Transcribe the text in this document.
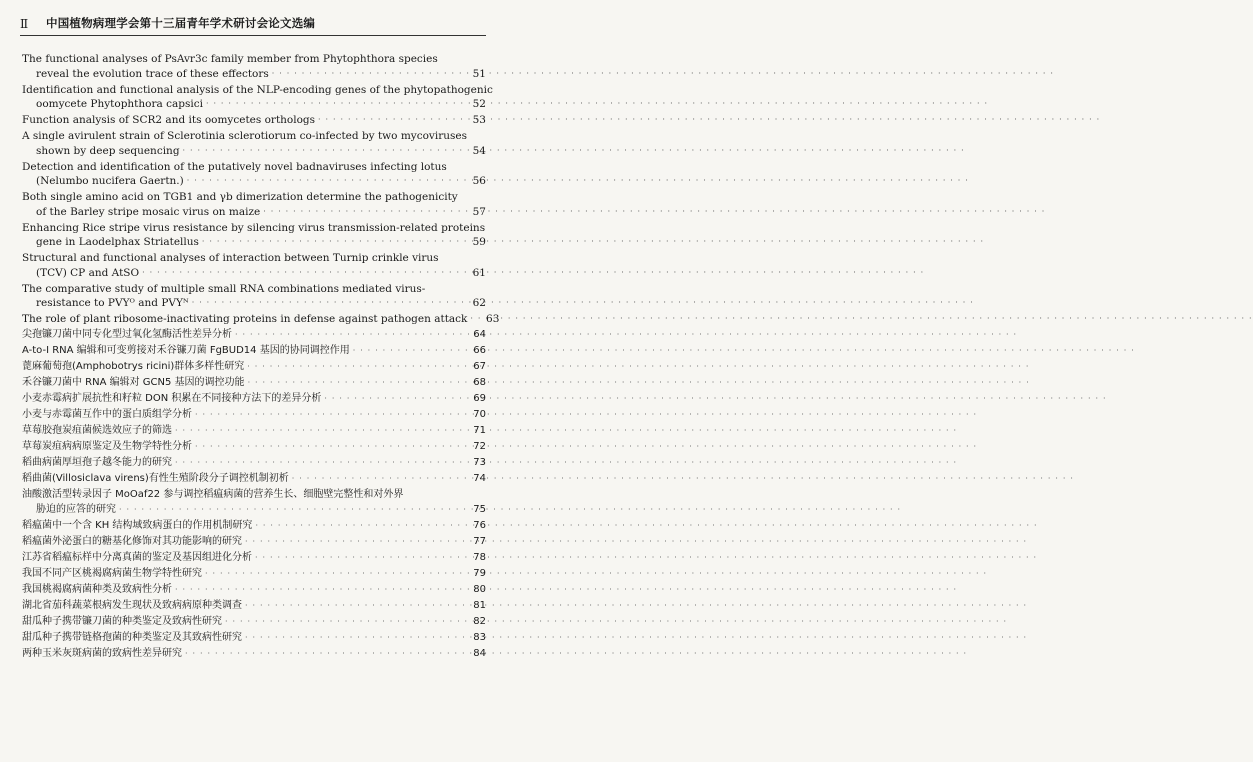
Ⅱ	中国植物病理学会第十三届青年学术研讨会论文选编
The functional analyses of PsAvr3c family member from Phytophthora species
reveal the evolution trace of these effectors · · ·	51
Identification and functional analysis of the NLP-encoding genes of the phytopathogenic
oomycete Phytophthora capsici · · ·	52
Function analysis of SCR2 and its oomycetes orthologs · · ·	53
A single avirulent strain of Sclerotinia sclerotiorum co-infected by two mycoviruses
shown by deep sequencing · · ·	54
Detection and identification of the putatively novel badnaviruses infecting lotus
(Nelumbo nucifera Gaertn.) · · ·	56
Both single amino acid on TGB1 and γb dimerization determine the pathogenicity
of the Barley stripe mosaic virus on maize · · ·	57
Enhancing Rice stripe virus resistance by silencing virus transmission-related proteins
gene in Laodelphax Striatellus · · ·	59
Structural and functional analyses of interaction between Turnip crinkle virus
(TCV) CP and AtSO · · ·	61
The comparative study of multiple small RNA combinations mediated virus-
resistance to PVYᴼ and PVYᴺ · · ·	62
The role of plant ribosome-inactivating proteins in defense against pathogen attack · · · 63
尖孢镰刀菌中同专化型过氧化氢酶活性差异分析 · · ·	64
A-to-I RNA 编辑和可变剪接对禾谷镰刀菌 FgBUD14 基因的协同调控作用 · · ·	66
蓖麻葡萄孢(Amphobotrys ricini)群体多样性研究 · · ·	67
禾谷镰刀菌中 RNA 编辑对 GCN5 基因的调控功能 · · ·	68
小麦赤霉病扩展抗性和籽粒 DON 积累在不同接种方法下的差异分析 · · ·	69
小麦与赤霉菌互作中的蛋白质组学分析 · · ·	70
草莓胶孢炭疽菌候选效应子的筛选 · · ·	71
草莓炭疽病病原鉴定及生物学特性分析 · · ·	72
稻曲病菌厚垣孢子越冬能力的研究 · · ·	73
稻曲菌(Villosiclava virens)有性生殖阶段分子调控机制初析 · · ·	74
油酸激活型转录因子 MoOaf22 参与调控稻瘟病菌的营养生长、细胞壁完整性和对外界
胁迫的应答的研究 · · ·	75
稻瘟菌中一个含 KH 结构域致病蛋白的作用机制研究 · · ·	76
稻瘟菌外泌蛋白的糖基化修饰对其功能影响的研究 · · ·	77
江苏省稻瘟标样中分离真菌的鉴定及基因组进化分析 · · ·	78
我国不同产区桃褐腐病菌生物学特性研究 · · ·	79
我国桃褐腐病菌种类及致病性分析 · · ·	80
湖北省茄科蔬菜根病发生现状及致病病原种类调查 · · ·	81
甜瓜种子携带镰刀菌的种类鉴定及致病性研究 · · ·	82
甜瓜种子携带链格孢菌的种类鉴定及其致病性研究 · · ·	83
两种玉米灰斑病菌的致病性差异研究 · · ·	84
